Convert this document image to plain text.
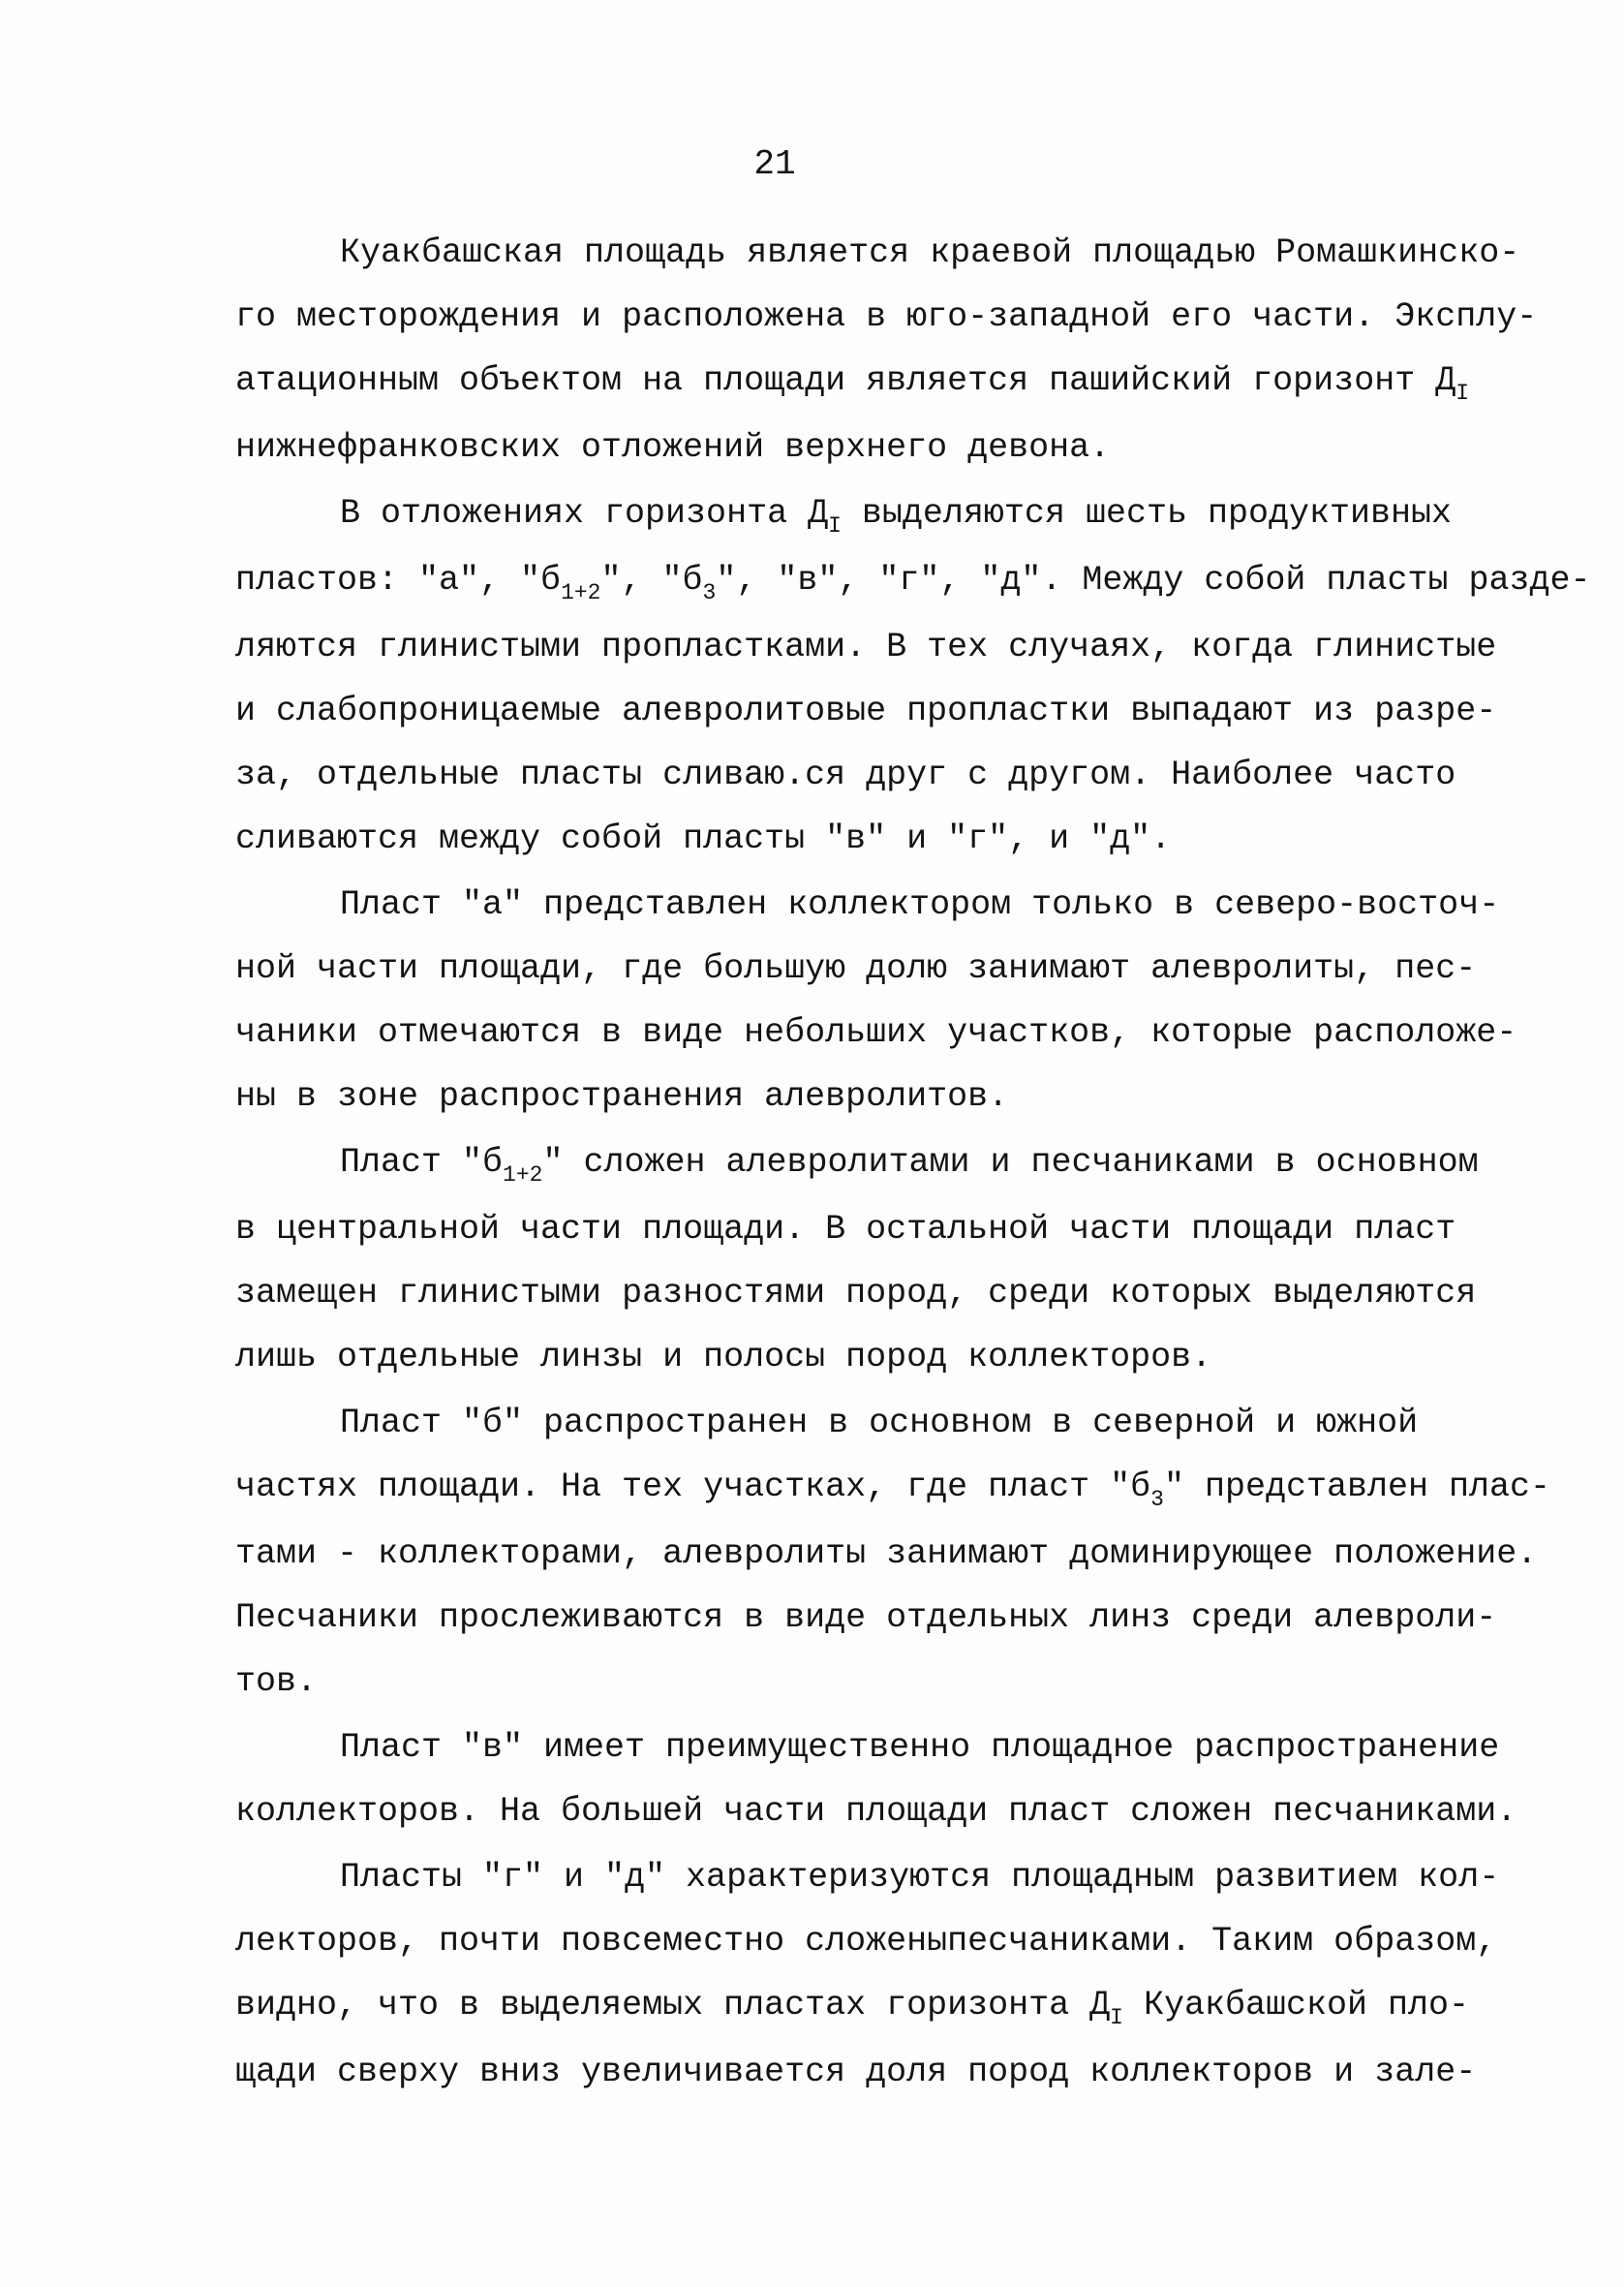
21
Куакбашская площадь является краевой площадью Ромашкинско-
го месторождения и расположена в юго-западной его части. Эксплу-
атационным объектом на площади является пашийский горизонт $Д_I$
нижнефранковских отложений верхнего девона.
В отложениях горизонта $Д_I$ выделяются шесть продуктивных
пластов: "а", "$б_{1+2}$", "$б_3$", "в", "г", "д". Между собой пласты разде-
ляются глинистыми пропластками. В тех случаях, когда глинистые
и слабопроницаемые алевролитовые пропластки выпадают из разре-
за, отдельные пласты сливаю.ся друг с другом. Наиболее часто
сливаются между собой пласты "в" и "г", и "д".
Пласт "а" представлен коллектором только в северо-восточ-
ной части площади, где большую долю занимают алевролиты, пес-
чаники отмечаются в виде небольших участков, которые расположе-
ны в зоне распространения алевролитов.
Пласт "$б_{1+2}$" сложен алевролитами и песчаниками в основном
в центральной части площади. В остальной части площади пласт
замещен глинистыми разностями пород, среди которых выделяются
лишь отдельные линзы и полосы пород коллекторов.
Пласт "б" распространен в основном в северной и южной
частях площади. На тех участках, где пласт "$б_3$" представлен плас-
тами - коллекторами, алевролиты занимают доминирующее положение.
Песчаники прослеживаются в виде отдельных линз среди алевроли-
тов.
Пласт "в" имеет преимущественно площадное распространение
коллекторов. На большей части площади пласт сложен песчаниками.
Пласты "г" и "д" характеризуются площадным развитием кол-
лекторов, почти повсеместно сложеныпесчаниками. Таким образом,
видно, что в выделяемых пластах горизонта $Д_I$ Куакбашской пло-
щади сверху вниз увеличивается доля пород коллекторов и зале-
